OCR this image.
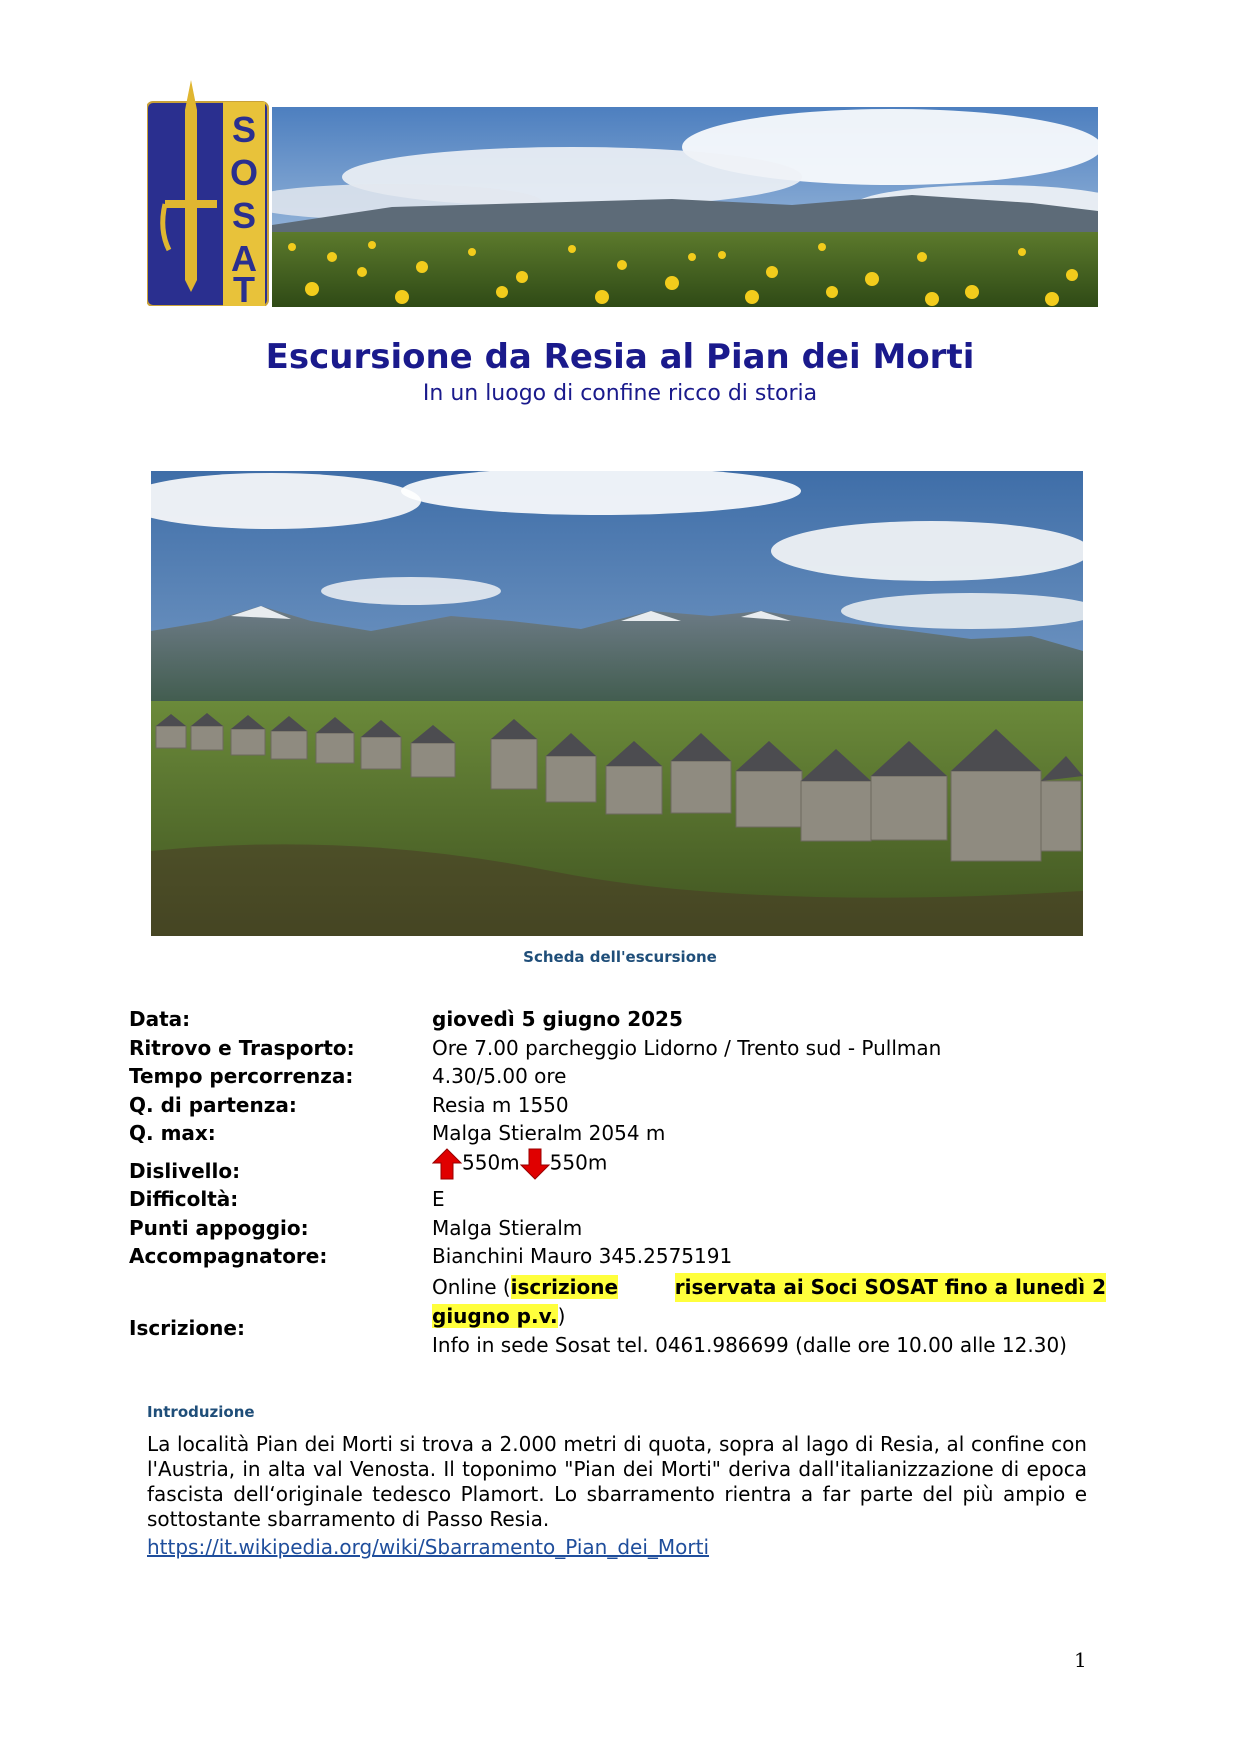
S
O
S
A
T
Escursione da Resia al Pian dei Morti
In un luogo di confine ricco di storia
Scheda dell'escursione
Data:	giovedì 5 giugno 2025
Ritrovo e Trasporto:	Ore 7.00 parcheggio Lidorno / Trento sud - Pullman
Tempo percorrenza:	4.30/5.00 ore
Q. di partenza:	Resia m 1550
Q. max:	Malga Stieralm 2054 m
Dislivello:	550m 550m
Difficoltà:	E
Punti appoggio:	Malga Stieralm
Accompagnatore:	Bianchini Mauro 345.2575191
Iscrizione:
Online (iscrizione	riservata ai Soci SOSAT fino a lunedì 2
giugno p.v.)
Info in sede Sosat tel. 0461.986699 (dalle ore 10.00 alle 12.30)
Introduzione
La località Pian dei Morti si trova a 2.000 metri di quota, sopra al lago di Resia, al confine con l'Austria, in alta val Venosta. Il toponimo "Pian dei Morti" deriva dall'italianizzazione di epoca fascista dell‘originale tedesco Plamort. Lo sbarramento rientra a far parte del più ampio e sottostante sbarramento di Passo Resia.
https://it.wikipedia.org/wiki/Sbarramento_Pian_dei_Morti
1
